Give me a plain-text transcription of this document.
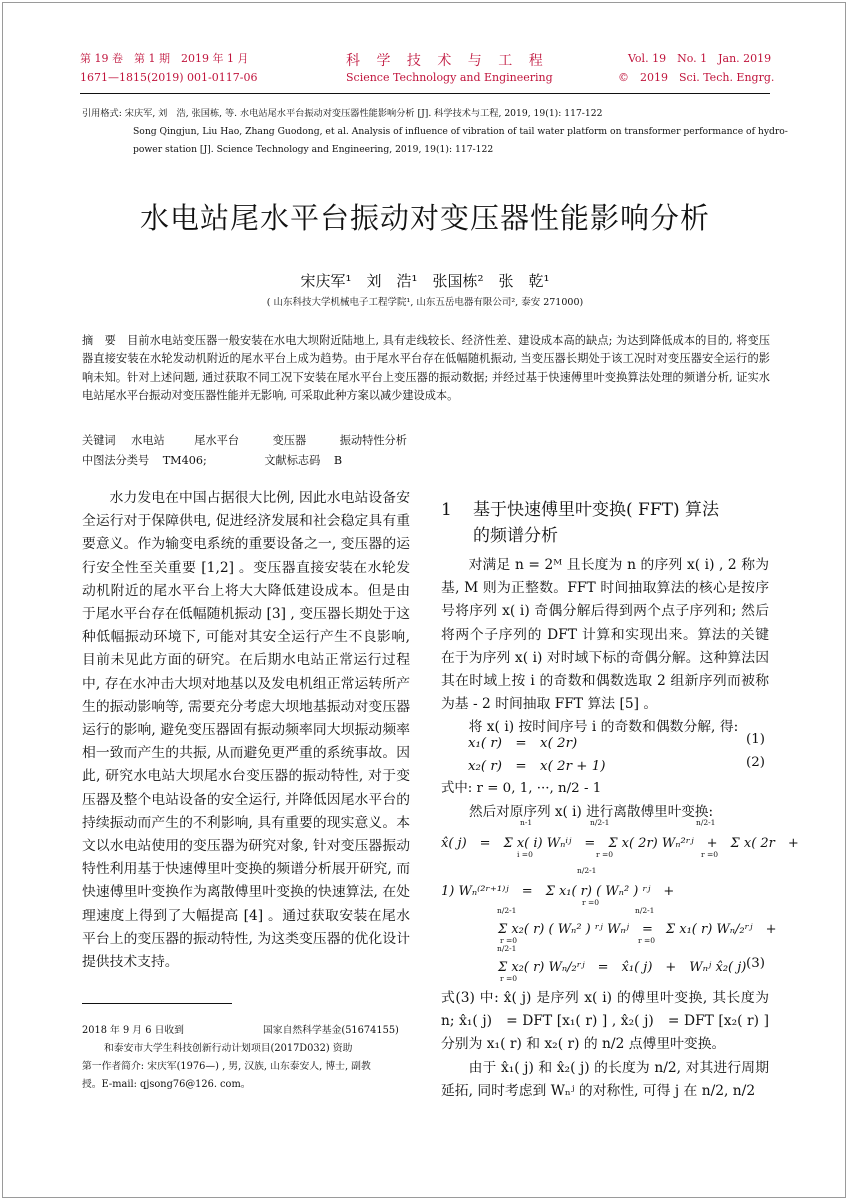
第 19 卷　第 1 期　2019 年 1 月
1671—1815(2019) 001-0117-06
科 学 技 术 与 工 程
Science Technology and Engineering
Vol. 19　No. 1　Jan. 2019
©　2019　Sci. Tech. Engrg.
引用格式: 宋庆军, 刘　浩, 张国栋, 等. 水电站尾水平台振动对变压器性能影响分析 [J]. 科学技术与工程, 2019, 19(1): 117-122
Song Qingjun, Liu Hao, Zhang Guodong, et al. Analysis of influence of vibration of tail water platform on transformer performance of hydro-
power station [J]. Science Technology and Engineering, 2019, 19(1): 117-122
水电站尾水平台振动对变压器性能影响分析
宋庆军¹　刘　浩¹　张国栋²　张　乾¹
( 山东科技大学机械电子工程学院¹, 山东五岳电器有限公司², 泰安 271000)
摘　要 目前水电站变压器一般安装在水电大坝附近陆地上, 具有走线较长、经济性差、建设成本高的缺点; 为达到降低成本的目的, 将变压器直接安装在水轮发动机附近的尾水平台上成为趋势。由于尾水平台存在低幅随机振动, 当变压器长期处于该工况时对变压器安全运行的影响未知。针对上述问题, 通过获取不同工况下安装在尾水平台上变压器的振动数据; 并经过基于快速傅里叶变换算法处理的频谱分析, 证实水电站尾水平台振动对变压器性能并无影响, 可采取此种方案以减少建设成本。
关键词 水电站	尾水平台	变压器	振动特性分析
中图法分类号 TM406;	文献标志码 B

水力发电在中国占据很大比例, 因此水电站设备安全运行对于保障供电, 促进经济发展和社会稳定具有重要意义。作为输变电系统的重要设备之一, 变压器的运行安全性至关重要 [1,2] 。变压器直接安装在水轮发动机附近的尾水平台上将大大降低建设成本。但是由于尾水平台存在低幅随机振动 [3] , 变压器长期处于这种低幅振动环境下, 可能对其安全运行产生不良影响, 目前未见此方面的研究。在后期水电站正常运行过程中, 存在水冲击大坝对地基以及发电机组正常运转所产生的振动影响等, 需要充分考虑大坝地基振动对变压器运行的影响, 避免变压器固有振动频率同大坝振动频率相一致而产生的共振, 从而避免更严重的系统事故。因此, 研究水电站大坝尾水台变压器的振动特性, 对于变压器及整个电站设备的安全运行, 并降低因尾水平台的持续振动而产生的不利影响, 具有重要的现实意义。本文以水电站使用的变压器为研究对象, 针对变压器振动特性利用基于快速傅里叶变换的频谱分析展开研究, 而快速傅里叶变换作为离散傅里叶变换的快速算法, 在处理速度上得到了大幅提高 [4] 。通过获取安装在尾水平台上的变压器的振动特性, 为这类变压器的优化设计提供技术支持。

2018 年 9 月 6 日收到	国家自然科学基金(51674155)
和泰安市大学生科技创新行动计划项目(2017D032) 资助
第一作者简介: 宋庆军(1976—) , 男, 汉族, 山东泰安人, 博士, 副教
授。E-mail: qjsong76@126. com。
1 基于快速傅里叶变换( FFT) 算法
的频谱分析

对满足 n = 2ᴹ 且长度为 n 的序列 x( i) , 2 称为基, M 则为正整数。FFT 时间抽取算法的核心是按序号将序列 x( i) 奇偶分解后得到两个点子序列和; 然后将两个子序列的 DFT 计算和实现出来。算法的关键在于为序列 x( i) 对时域下标的奇偶分解。这种算法因其在时域上按 i 的奇数和偶数选取 2 组新序列而被称为基 - 2 时间抽取 FFT 算法 [5] 。

将 x( i) 按时间序号 i 的奇数和偶数分解, 得:

x₁( r)　=　x( 2r)	(1)
x₂( r)　=　x( 2r + 1)	(2)
式中: r = 0, 1, ···, n/2 - 1
然后对原序列 x( i) 进行离散傅里叶变换:
n-1	n/2-1	n/2-1
x̂( j)　=　Σ x( i) Wₙⁱʲ　=　Σ x( 2r) Wₙ²ʳʲ　+　Σ x( 2r　+
i =0	r =0	r =0
n/2-1
1) Wₙ⁽²ʳ⁺¹⁾ʲ　=　Σ x₁( r) ( Wₙ² ) ʳʲ　+
r =0
n/2-1	n/2-1
Σ x₂( r) ( Wₙ² ) ʳʲ Wₙʲ　=　Σ x₁( r) Wₙ/₂ʳʲ　+
r =0	r =0
n/2-1
Σ x₂( r) Wₙ/₂ʳʲ　=　x̂₁( j)　+　Wₙʲ x̂₂( j) (3)
r =0

式(3) 中: x̂( j) 是序列 x( i) 的傅里叶变换, 其长度为 n; x̂₁( j)　= DFT [x₁( r) ] , x̂₂( j)　= DFT [x₂( r) ] 分别为 x₁( r) 和 x₂( r) 的 n/2 点傅里叶变换。

由于 x̂₁( j) 和 x̂₂( j) 的长度为 n/2, 对其进行周期延拓, 同时考虑到 Wₙʲ 的对称性, 可得 j 在 n/2, n/2
